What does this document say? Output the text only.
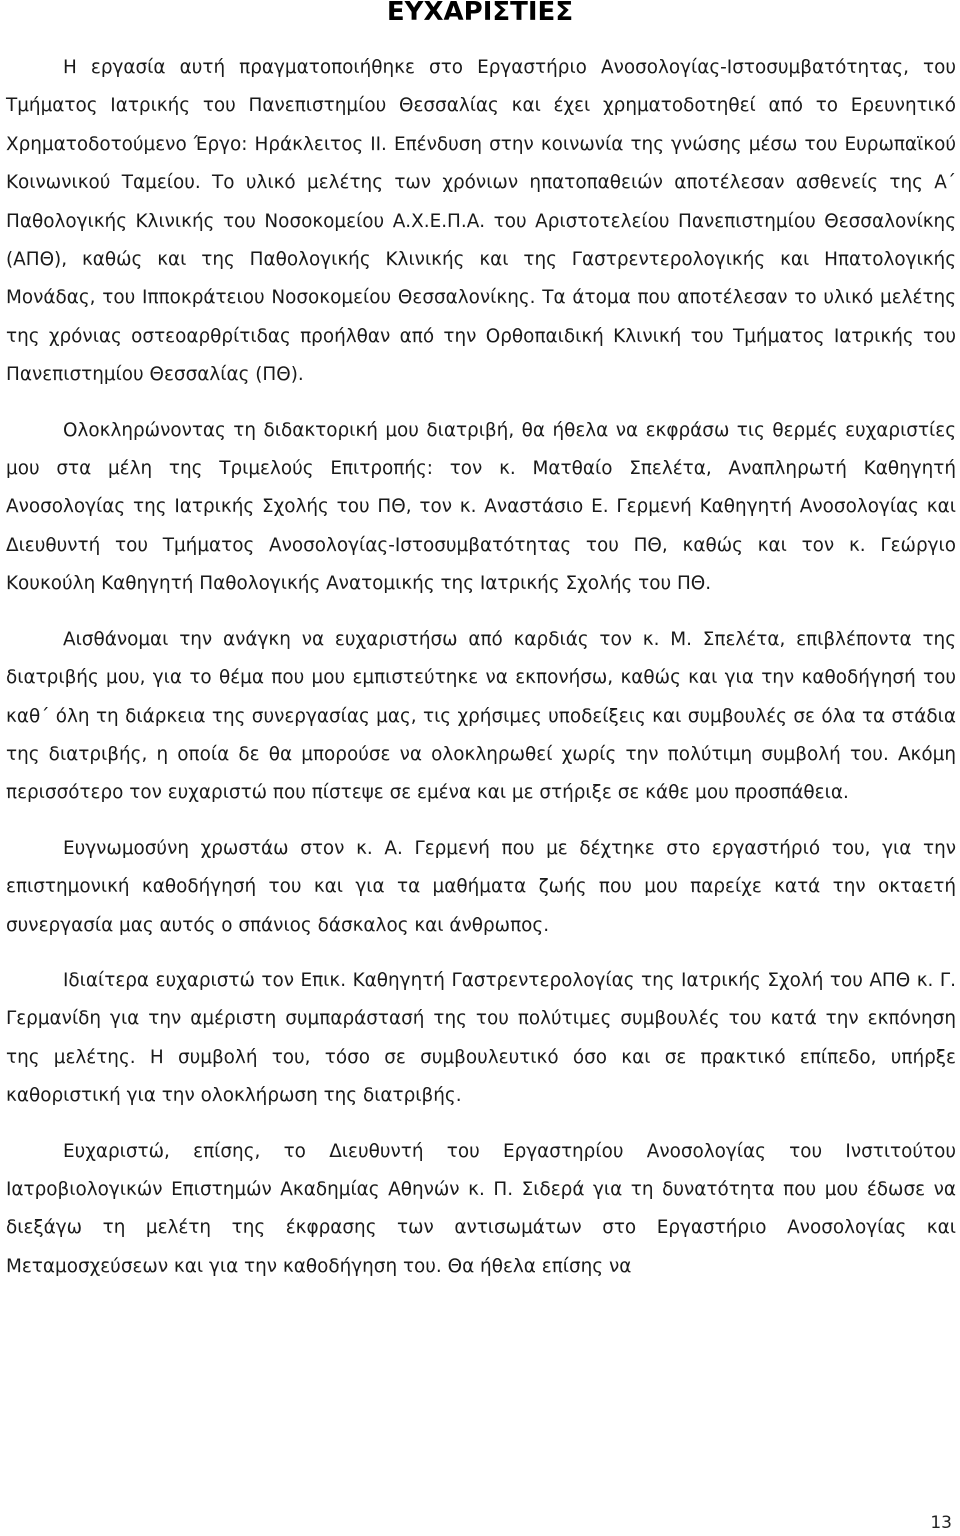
ΕΥΧΑΡΙΣΤΙΕΣ

Η εργασία αυτή πραγματοποιήθηκε στο Εργαστήριο Ανοσολογίας-Ιστοσυμβατότητας, του Τμήματος Ιατρικής του Πανεπιστημίου Θεσσαλίας και έχει χρηματοδοτηθεί από το Ερευνητικό Χρηματοδοτούμενο Έργο: Ηράκλειτος ΙΙ. Επένδυση στην κοινωνία της γνώσης μέσω του Ευρωπαϊκού Κοινωνικού Ταμείου. Το υλικό μελέτης των χρόνιων ηπατοπαθειών αποτέλεσαν ασθενείς της Α΄ Παθολογικής Κλινικής του Νοσοκομείου Α.Χ.Ε.Π.Α. του Αριστοτελείου Πανεπιστημίου Θεσσαλονίκης (ΑΠΘ), καθώς και της Παθολογικής Κλινικής και της Γαστρεντερολογικής και Ηπατολογικής Μονάδας, του Ιπποκράτειου Νοσοκομείου Θεσσαλονίκης. Τα άτομα που αποτέλεσαν το υλικό μελέτης της χρόνιας οστεοαρθρίτιδας προήλθαν από την Ορθοπαιδική Κλινική του Τμήματος Ιατρικής του Πανεπιστημίου Θεσσαλίας (ΠΘ).

Ολοκληρώνοντας τη διδακτορική μου διατριβή, θα ήθελα να εκφράσω τις θερμές ευχαριστίες μου στα μέλη της Τριμελούς Επιτροπής: τον κ. Ματθαίο Σπελέτα, Αναπληρωτή Καθηγητή Ανοσολογίας της Ιατρικής Σχολής του ΠΘ, τον κ. Αναστάσιο Ε. Γερμενή Καθηγητή Ανοσολογίας και Διευθυντή του Τμήματος Ανοσολογίας-Ιστοσυμβατότητας του ΠΘ, καθώς και τον κ. Γεώργιο Κουκούλη Καθηγητή Παθολογικής Ανατομικής της Ιατρικής Σχολής του ΠΘ.

Αισθάνομαι την ανάγκη να ευχαριστήσω από καρδιάς τον κ. Μ. Σπελέτα, επιβλέποντα της διατριβής μου, για το θέμα που μου εμπιστεύτηκε να εκπονήσω, καθώς και για την καθοδήγησή του καθ΄ όλη τη διάρκεια της συνεργασίας μας, τις χρήσιμες υποδείξεις και συμβουλές σε όλα τα στάδια της διατριβής, η οποία δε θα μπορούσε να ολοκληρωθεί χωρίς την πολύτιμη συμβολή του. Ακόμη περισσότερο τον ευχαριστώ που πίστεψε σε εμένα και με στήριξε σε κάθε μου προσπάθεια.

Ευγνωμοσύνη χρωστάω στον κ. Α. Γερμενή που με δέχτηκε στο εργαστήριό του, για την επιστημονική καθοδήγησή του και για τα μαθήματα ζωής που μου παρείχε κατά την οκταετή συνεργασία μας αυτός ο σπάνιος δάσκαλος και άνθρωπος.

Ιδιαίτερα ευχαριστώ τον Επικ. Καθηγητή Γαστρεντερολογίας της Ιατρικής Σχολή του ΑΠΘ κ. Γ. Γερμανίδη για την αμέριστη συμπαράστασή της του πολύτιμες συμβουλές του κατά την εκπόνηση της μελέτης. Η συμβολή του, τόσο σε συμβουλευτικό όσο και σε πρακτικό επίπεδο, υπήρξε καθοριστική για την ολοκλήρωση της διατριβής.

Ευχαριστώ, επίσης, το Διευθυντή του Εργαστηρίου Ανοσολογίας του Ινστιτούτου Ιατροβιολογικών Επιστημών Ακαδημίας Αθηνών κ. Π. Σιδερά για τη δυνατότητα που μου έδωσε να διεξάγω τη μελέτη της έκφρασης των αντισωμάτων στο Εργαστήριο Ανοσολογίας και Μεταμοσχεύσεων και για την καθοδήγηση του. Θα ήθελα επίσης να

13
